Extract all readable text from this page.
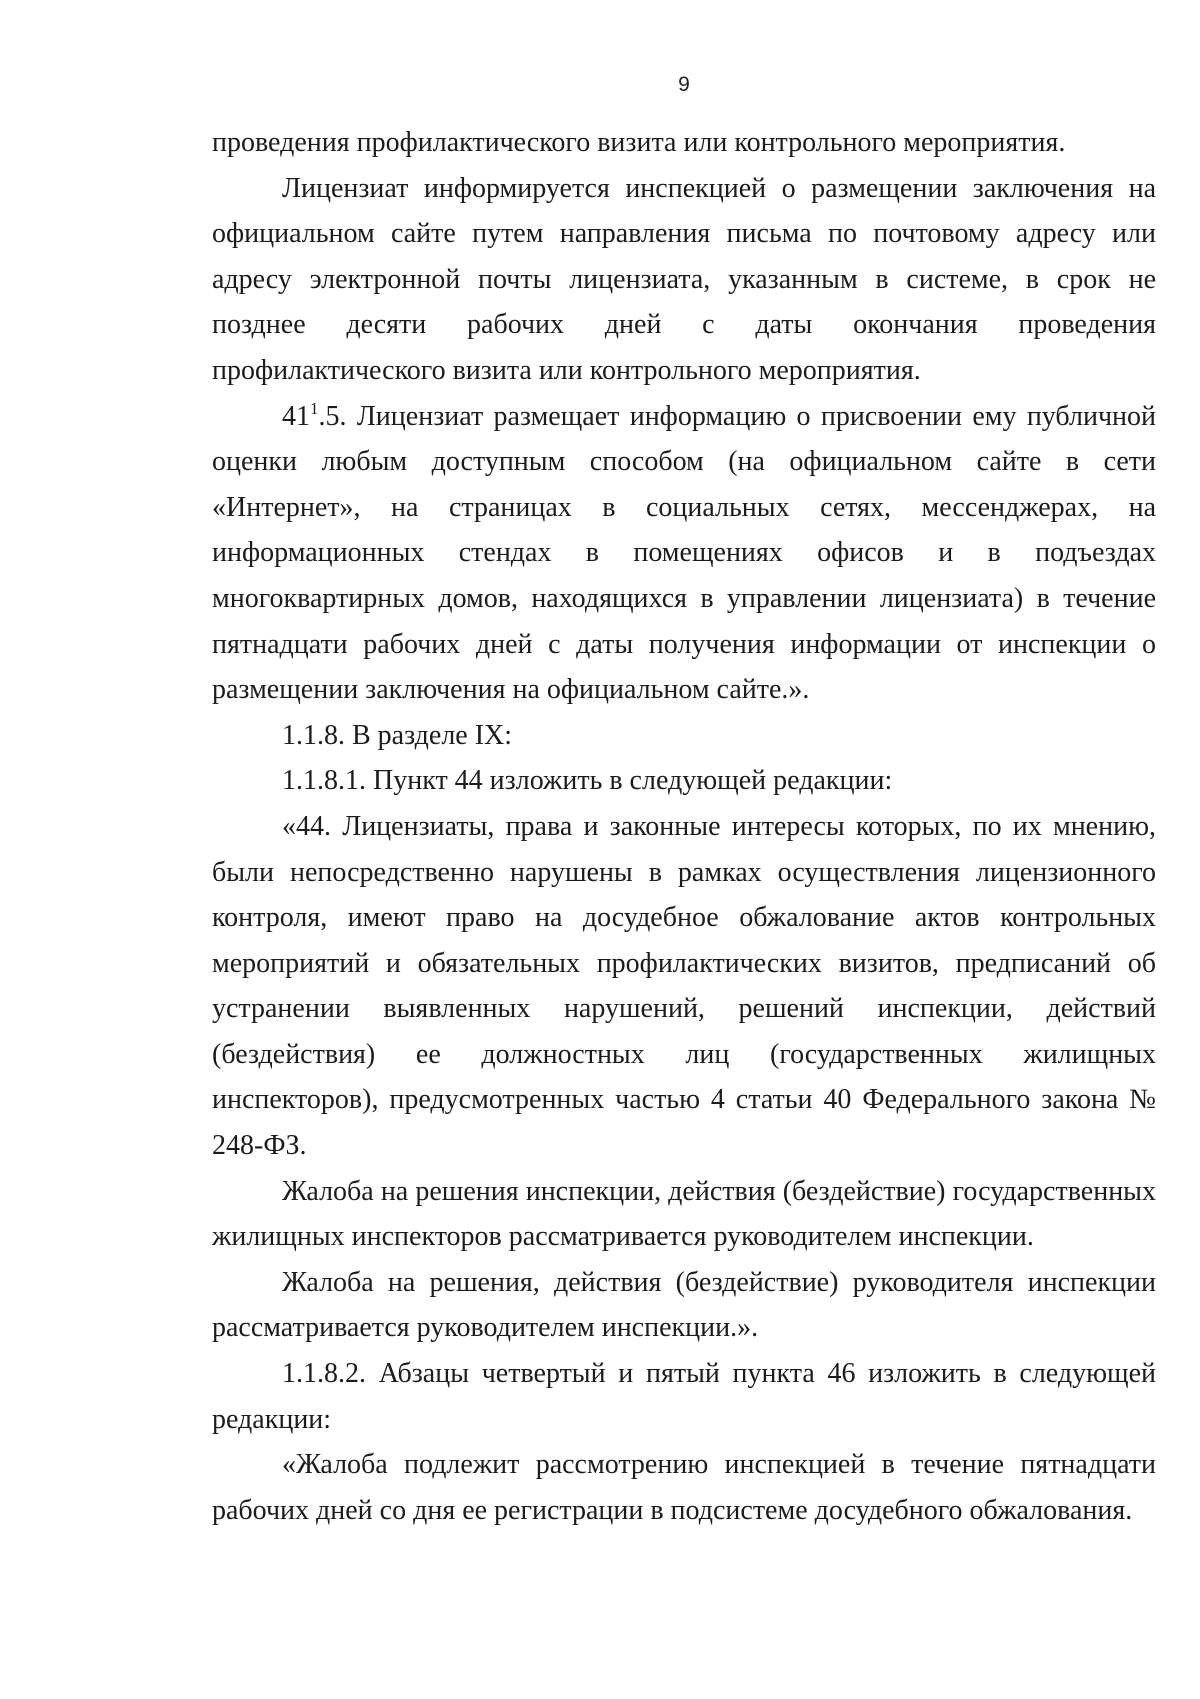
9

проведения профилактического визита или контрольного мероприятия.

Лицензиат информируется инспекцией о размещении заключения на официальном сайте путем направления письма по почтовому адресу или адресу электронной почты лицензиата, указанным в системе, в срок не позднее десяти рабочих дней с даты окончания проведения профилактического визита или контрольного мероприятия.

$41^1.5$. Лицензиат размещает информацию о присвоении ему публичной оценки любым доступным способом (на официальном сайте в сети «Интернет», на страницах в социальных сетях, мессенджерах, на информационных стендах в помещениях офисов и в подъездах многоквартирных домов, находящихся в управлении лицензиата) в течение пятнадцати рабочих дней с даты получения информации от инспекции о размещении заключения на официальном сайте.».

1.1.8. В разделе IX:

1.1.8.1. Пункт 44 изложить в следующей редакции:

«44. Лицензиаты, права и законные интересы которых, по их мнению, были непосредственно нарушены в рамках осуществления лицензионного контроля, имеют право на досудебное обжалование актов контрольных мероприятий и обязательных профилактических визитов, предписаний об устранении выявленных нарушений, решений инспекции, действий (бездействия) ее должностных лиц (государственных жилищных инспекторов), предусмотренных частью 4 статьи 40 Федерального закона № 248-ФЗ.

Жалоба на решения инспекции, действия (бездействие) государственных жилищных инспекторов рассматривается руководителем инспекции.

Жалоба на решения, действия (бездействие) руководителя инспекции рассматривается руководителем инспекции.».

1.1.8.2. Абзацы четвертый и пятый пункта 46 изложить в следующей редакции:

«Жалоба подлежит рассмотрению инспекцией в течение пятнадцати рабочих дней со дня ее регистрации в подсистеме досудебного обжалования.
